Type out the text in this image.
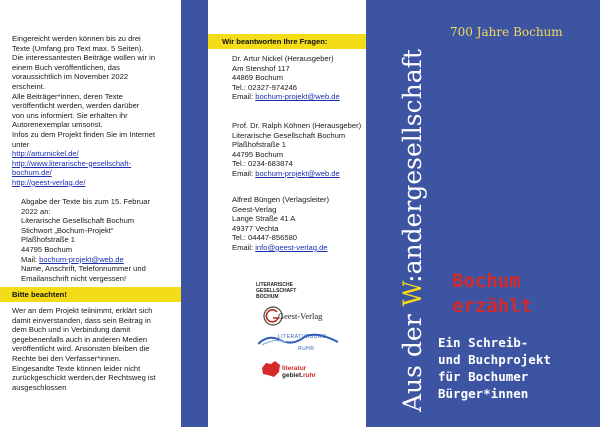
Eingereicht werden können bis zu drei
Texte (Umfang pro Text max. 5 Seiten).
Die interessantesten Beiträge wollen wir in
einem Buch veröffentlichen, das
voraussichtlich im November 2022
erscheint.
Alle Beiträger*innen, deren Texte
veröffentlicht werden, werden darüber
von uns informiert. Sie erhalten ihr
Autorenexemplar umsonst.
Infos zu dem Projekt finden Sie im Internet
unter
http://arturnickel.de/
http://www.literarische-gesellschaft-
bochum.de/
http://geest-verlag.de/
Abgabe der Texte bis zum 15. Februar
2022 an:
Literarische Gesellschaft Bochum
Stichwort „Bochum-Projekt“
Plaßhofstraße 1
44795 Bochum
Mail: bochum-projekt@web.de
Name, Anschrift, Telefonnummer und
Emailanschrift nicht vergessen!
Bitte beachten!
Wer an dem Projekt teilnimmt, erklärt sich
damit einverstanden, dass sein Beitrag in
dem Buch und in Verbindung damit
gegebenenfalls auch in anderen Medien
veröffentlicht wird. Ansonsten bleiben die
Rechte bei den Verfasser*innen.
Eingesandte Texte können leider nicht
zurückgeschickt werden,der Rechtsweg ist
ausgeschlossen
Wir beantworten Ihre Fragen:
Dr. Artur Nickel (Herausgeber)
Am Stenshof 117
44869 Bochum
Tel.: 02327-974246
Email: bochum-projekt@web.de
Prof. Dr. Ralph Köhnen (Herausgeber)
Literarische Gesellschaft Bochum
Plaßhofstraße 1
44795 Bochum
Tel.: 0234-683874
Email: bochum-projekt@web.de
Alfred Büngen (Verlagsleiter)
Geest-Verlag
Lange Straße 41 A
49377 Vechta
Tel.: 04447-856580
Email: info@geest-verlag.de
LITERARISCHE
GESELLSCHAFT
BOCHUM
Geest-Verlag
LITERATURBÜRO
RUHR
literatur
gebiet.ruhr	Aus der W:andergesellschaft
700 Jahre Bochum
Bochum
erzählt
Ein Schreib-
und Buchprojekt
für Bochumer
Bürger*innen
